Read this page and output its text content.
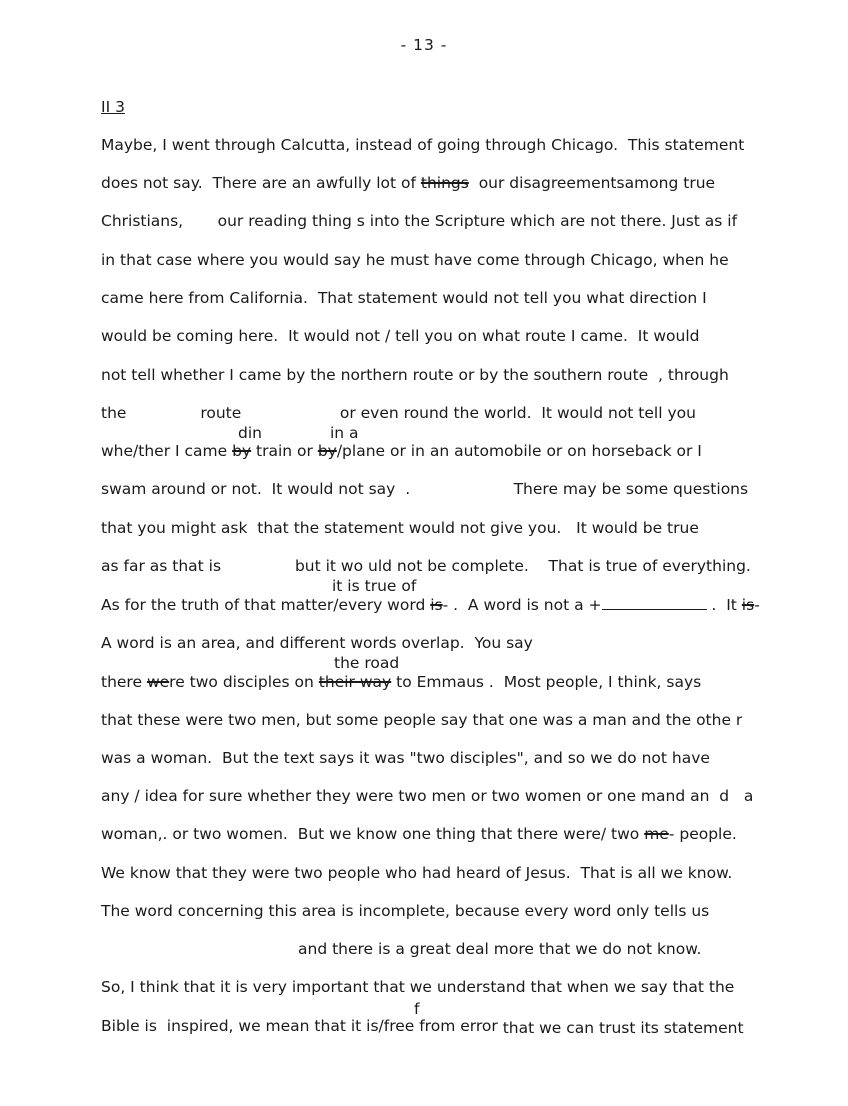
- 13 -
II 3
Maybe, I went through Calcutta, instead of going through Chicago.  This statement
does not say.  There are an awfully lot of things  our disagreementsamong true
Christians,       our reading thing s into the Scripture which are not there. Just as if
in that case where you would say he must have come through Chicago, when he
came here from California.  That statement would not tell you what direction I
would be coming here.  It would not ∕ tell you on what route I came.  It would
not tell whether I came by the northern route or by the southern route  , through
the               route                    or even round the world.  It would not tell you
din	in a
whe∕ther I came by train or by∕plane or in an automobile or on horseback or I
swam around or not.  It would not say  .                     There may be some questions
that you might ask  that the statement would not give you.   It would be true
as far as that is               but it wo uld not be complete.    That is true of everything.
it is true of
As for the truth of that matter∕every word is- .  A word is not a +	.  It is-
A word is an area, and different words overlap.  You say
the road
there were two disciples on their way to Emmaus .  Most people, I think, says
that these were two men, but some people say that one was a man and the othe r
was a woman.  But the text says it was "two disciples", and so we do not have
any ∕ idea for sure whether they were two men or two women or one mand an  d   a
woman,. or two women.  But we know one thing that there were∕ two me- people.
We know that they were two people who had heard of Jesus.  That is all we know.
The word concerning this area is incomplete, because every word only tells us
and there is a great deal more that we do not know.
So, I think that it is very important that we understand that when we say that the
f
Bible is  inspired, we mean that it is∕free from error that we can trust its statement
